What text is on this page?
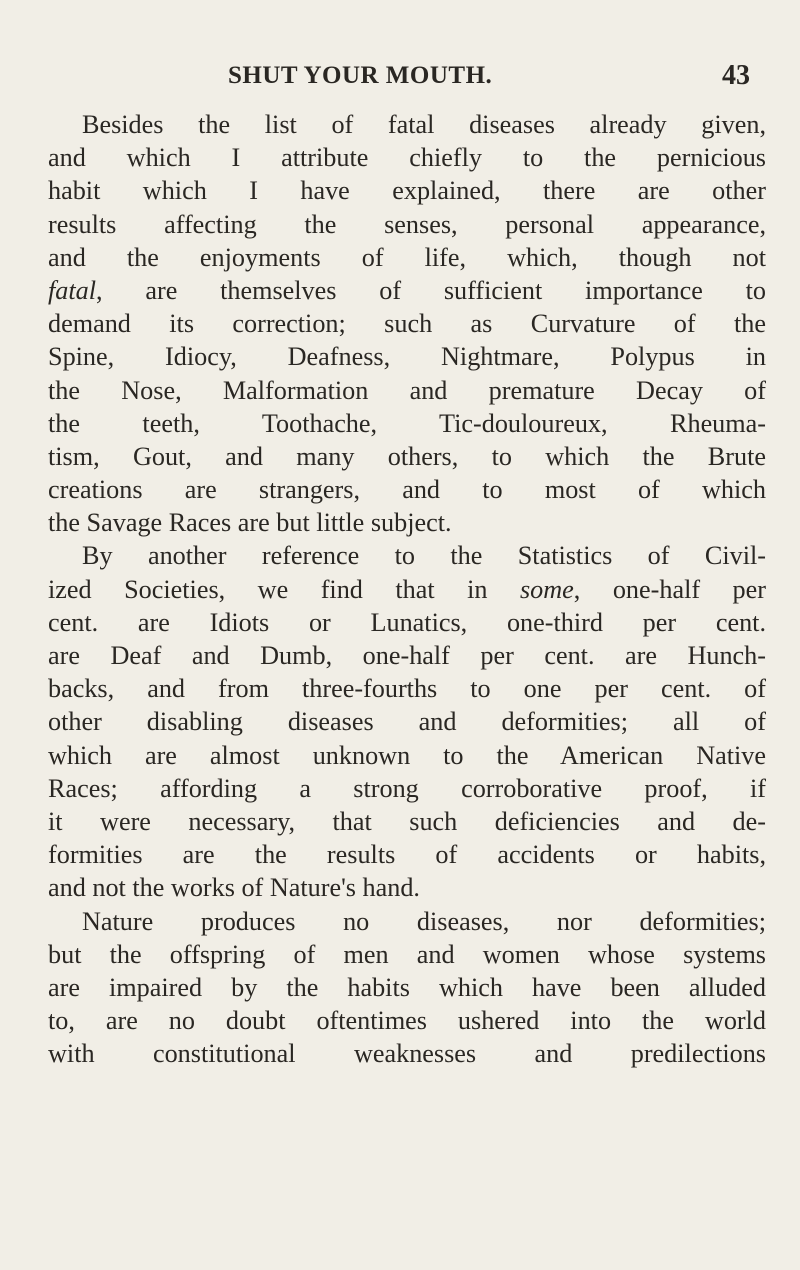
SHUT YOUR MOUTH.	43
Besides the list of fatal diseases already given,
and which I attribute chiefly to the pernicious
habit which I have explained, there are other
results affecting the senses, personal appearance,
and the enjoyments of life, which, though not
fatal, are themselves of sufficient importance to
demand its correction; such as Curvature of the
Spine, Idiocy, Deafness, Nightmare, Polypus in
the Nose, Malformation and premature Decay of
the teeth, Toothache, Tic-douloureux, Rheuma-
tism, Gout, and many others, to which the Brute
creations are strangers, and to most of which
the Savage Races are but little subject.
By another reference to the Statistics of Civil-
ized Societies, we find that in some, one-half per
cent. are Idiots or Lunatics, one-third per cent.
are Deaf and Dumb, one-half per cent. are Hunch-
backs, and from three-fourths to one per cent. of
other disabling diseases and deformities; all of
which are almost unknown to the American Native
Races; affording a strong corroborative proof, if
it were necessary, that such deficiencies and de-
formities are the results of accidents or habits,
and not the works of Nature's hand.
Nature produces no diseases, nor deformities;
but the offspring of men and women whose systems
are impaired by the habits which have been alluded
to, are no doubt oftentimes ushered into the world
with constitutional weaknesses and predilections
